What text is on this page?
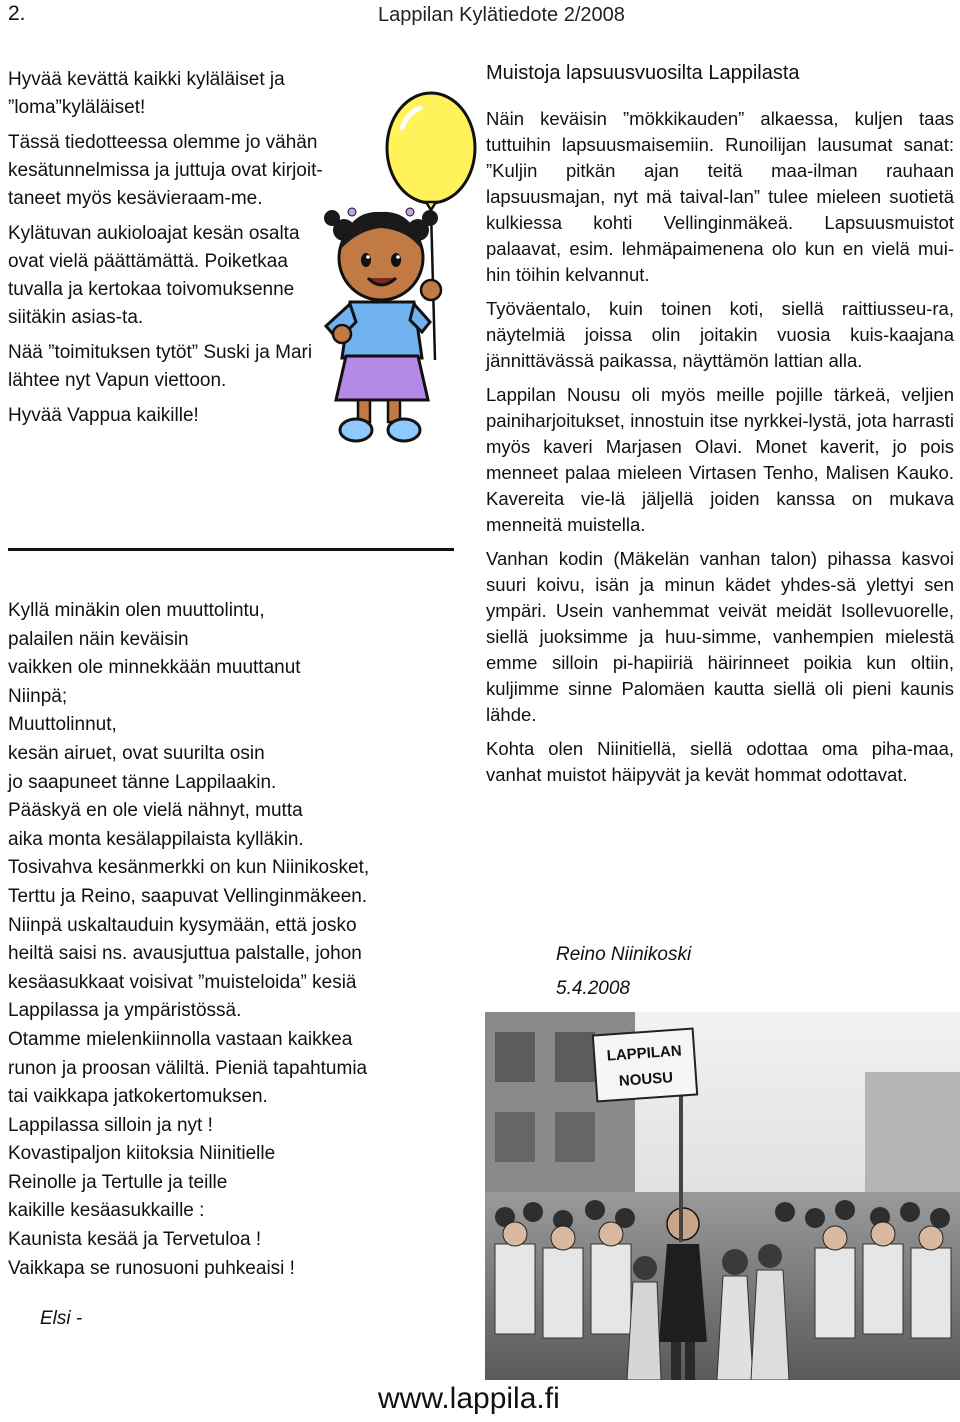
2.	Lappilan Kylätiedote 2/2008

Hyvää kevättä kaikki kyläläiset ja ”loma”kyläläiset!

Tässä tiedotteessa olemme jo vähän kesätunnelmissa ja juttuja ovat kirjoit-taneet myös kesävieraam-me.

Kylätuvan aukioloajat kesän osalta ovat vielä päättämättä. Poiketkaa tuvalla ja kertokaa toivomuksenne siitäkin asias-ta.

Nää ”toimituksen tytöt” Suski ja Mari lähtee nyt Vapun viettoon.

Hyvää Vappua kaikille!

Kyllä minäkin olen muuttolintu,
palailen näin keväisin
vaikken ole minnekkään muuttanut
Niinpä;
Muuttolinnut,
kesän airuet, ovat suurilta osin
jo saapuneet tänne Lappilaakin.
Pääskyä en ole vielä nähnyt, mutta
aika monta kesälappilaista kylläkin.
Tosivahva kesänmerkki on kun Niinikosket,
Terttu ja Reino, saapuvat Vellinginmäkeen.
Niinpä uskaltauduin kysymään, että josko
heiltä saisi ns. avausjuttua palstalle, johon
kesäasukkaat voisivat ”muisteloida” kesiä
Lappilassa ja ympäristössä.
Otamme mielenkiinnolla vastaan kaikkea
runon ja proosan väliltä. Pieniä tapahtumia
tai vaikkapa jatkokertomuksen.
Lappilassa silloin ja nyt !
Kovastipaljon kiitoksia Niinitielle
Reinolle ja Tertulle ja teille
kaikille kesäasukkaille :
Kaunista kesää ja Tervetuloa !
Vaikkapa se runosuoni puhkeaisi !
Elsi -
Muistoja lapsuusvuosilta Lappilasta

Näin keväisin ”mökkikauden” alkaessa, kuljen taas tuttuihin lapsuusmaisemiin. Runoilijan lausumat sanat: ”Kuljin pitkän ajan teitä maa-ilman rauhaan lapsuusmajan, nyt mä taival-lan” tulee mieleen suotietä kulkiessa kohti Vellinginmäkeä. Lapsuusmuistot palaavat, esim. lehmäpaimenena olo kun en vielä mui-hin töihin kelvannut.

Työväentalo, kuin toinen koti, siellä raittiusseu-ra, näytelmiä joissa olin joitakin vuosia kuis-kaajana jännittävässä paikassa, näyttämön lattian alla.

Lappilan Nousu oli myös meille pojille tärkeä, veljien painiharjoitukset, innostuin itse nyrkkei-lystä, jota harrasti myös kaveri Marjasen Olavi. Monet kaverit, jo pois menneet palaa mieleen Virtasen Tenho, Malisen Kauko. Kavereita vie-lä jäljellä joiden kanssa on mukava menneitä muistella.

Vanhan kodin (Mäkelän vanhan talon) pihassa kasvoi suuri koivu, isän ja minun kädet yhdes-sä ylettyi sen ympäri. Usein vanhemmat veivät meidät Isollevuorelle, siellä juoksimme ja huu-simme, vanhempien mielestä emme silloin pi-hapiiriä häirinneet poikia kun oltiin, kuljimme sinne Palomäen kautta siellä oli pieni kaunis lähde.

Kohta olen Niinitiellä, siellä odottaa oma piha-maa, vanhat muistot häipyvät ja kevät hommat odottavat.

Reino Niinikoski
5.4.2008
LAPPILAN
NOUSU
www.lappila.fi
